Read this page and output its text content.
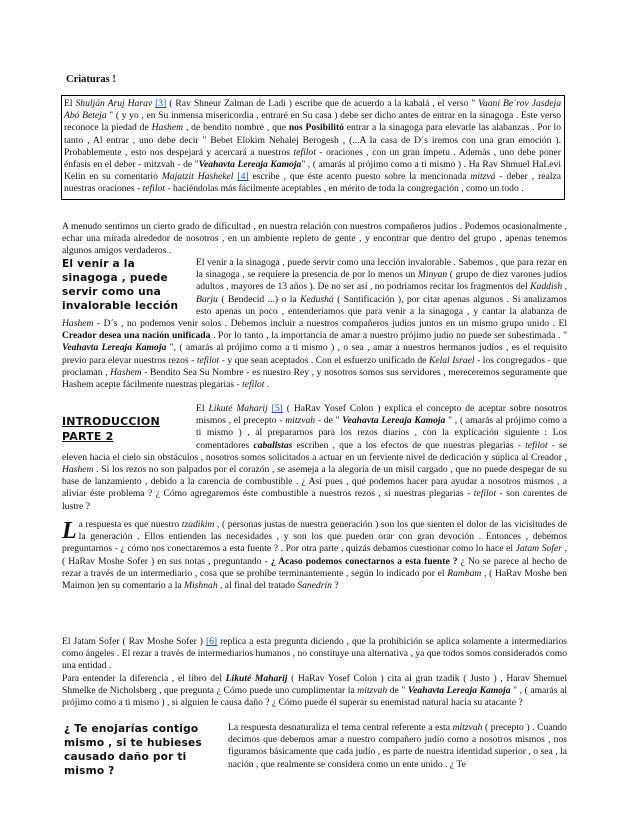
Criaturas !
El Shulján Aruj Harav [3] ( Rav Shneur Zalman de Ladi ) escribe que de acuerdo a la kabalá , el verso " Vaaní Be´rov Jasdeja Abó Beteja " ( y yo , en Su inmensa misericordia , entraré en Su casa ) debe ser dicho antes de entrar en la sinagoga . Este verso reconoce la piedad de Hashem , de bendito nombre , que nos Posibilitó entrar a la sinagoga para elevarle las alabanzas . Por lo tanto , Al entrar , uno debe decir " Bebet Elokim Nehalej Berogesh , (...A la casa de D´s iremos con una gran emoción ). Probablemente , esto nos despejará y acercará a nuestros tefilot - oraciones , con un gran ímpetu . Además , uno debe poner énfasis en el deber - mitzvah - de "Veahavta Lereaja Kamoja" , ( amarás al prójimo como a ti mismo ) . Ha Rav Shmuel HaLevi Kelin en su comentario Majatzit Hashekel [4] escribe , que éste acento puesto sobre la mencionada mitzvá - deber , realza nuestras oraciones - tefilot - haciéndolas más fácilmente aceptables , en mérito de toda la congregación , como un todo .
A menudo sentimos un cierto grado de dificultad , en nuestra relación con nuestros compañeros judíos . Podemos ocasionalmente , echar una mirada alrededor de nosotros , en un ambiente repleto de gente , y encontrar que dentro del grupo , apenas tenemos algunos amigos verdaderos .
El venir a la
sinagoga , puede
servir como una
invalorable lección
El venir a la sinagoga , puede servir como una lección invalorable . Sabemos , que para rezar en la sinagoga , se requiere la presencia de por lo menos un Minyan ( grupo de diez varones judíos adultos , mayores de 13 años ). De no ser así , no podríamos recitar los fragmentos del Kaddish , Barju ( Bendecid ...) o la Kedushá ( Santificación ), por citar apenas algunos . Si analizamos esto apenas un poco , entenderíamos que para venir a la sinagoga , y cantar la alabanza de Hashem - D´s , no podemos venir solos . Debemos incluir a nuestros compañeros judíos juntos en un mismo grupo unido . El Creador desea una nación unificada . Por lo tanto , la importancia de amar a nuestro prójimo judío no puede ser subestimada . " Veahavta Lereaja Kamoja ", ( amarás al prójimo como a ti mismo ) , o sea , amar a nuestros hermanos judíos , es el requisito previo para elevar nuestros rezos - tefilot - y que sean aceptados . Con el esfuerzo unificado de Kelal Israel - los congregados - que proclaman , Hashem - Bendito Sea Su Nombre - es nuestro Rey , y nosotros somos sus servidores , mereceremos seguramente que Hashem acepte fácilmente nuestras plegarias - tefilot .
INTRODUCCION
PARTE 2
El Likuté Maharij [5] ( HaRav Yosef Colon ) explica el concepto de aceptar sobre nosotros mismos , el precepto - mitzvah - de " Veahavta Lereaja Kamoja " , ( amarás al prójimo como a ti mismo ) , al prepararnos para los rezos diarios , con la explicación siguiente : Los comentadores cabalistas escriben , que a los efectos de que nuestras plegarias - tefilot - se eleven hacia el cielo sin obstáculos , nosotros somos solicitados a actuar en un ferviente nivel de dedicación y súplica al Creador , Hashem . Si los rezos no son palpados por el corazón , se asemeja a la alegoría de un misil cargado , que no puede despegar de su base de lanzamiento , debido a la carencia de combustible . ¿ Así pues , qué podemos hacer para ayudar a nosotros mismos , a aliviar éste problema ? ¿ Cómo agregaremos éste combustible a nuestros rezos , si nuestras plegarias - tefilot - son carentes de lustre ?
La respuesta es que nuestro tzadikim , ( personas justas de nuestra generación ) son los que sienten el dolor de las vicisitudes de la generación . Ellos entienden las necesidades , y son los que pueden orar con gran devoción . Entonces , debemos preguntarnos - ¿ cómo nos conectaremos a esta fuente ? . Por otra parte , quizás debamos cuestionar como lo hace el Jatam Sofer , ( HaRav Moshe Sofer ) en sus notas , preguntando - ¿ Acaso podemos conectarnos a esta fuente ? ¿ No se parece al hecho de rezar a través de un intermediario , cosa que se prohíbe terminantemente , según lo indicado por el Rambam , ( HaRav Moshe ben Maimon )en su comentario a la Mishnah , al final del tratado Sanedrín ?
El Jatam Sofer ( Rav Moshe Sofer ) [6] replica a esta pregunta diciendo , que la prohibición se aplica solamente a intermediarios como ángeles . El rezar a través de intermediarios humanos , no constituye una alternativa , ya que todos somos considerados como una entidad .
Para entender la diferencia , el libro del Likuté Maharij ( HaRav Yosef Colon ) cita al gran tzadik ( Justo ) , Harav Shemuel Shmelke de Nicholsberg , que pregunta ¿ Cómo puede uno cumplimentar la mitzvah de " Veahavta Lereaja Kamoja " , ( amarás al prójimo como a ti mismo ) , si alguien le causa daño ? ¿ Cómo puede él superar su enemistad natural hacia su atacante ?
¿ Te enojarías contigo
mismo , si te hubieses
causado daño por ti
mismo ?
La respuesta desnaturaliza el tema central referente a esta mitzvah ( precepto ) . Cuando decimos que debemos amar a nuestro compañero judío como a nosotros mismos , nos figuramos básicamente que cada judío , es parte de nuestra identidad superior , o sea , la nación , que realmente se considera como un ente unido . ¿ Te
